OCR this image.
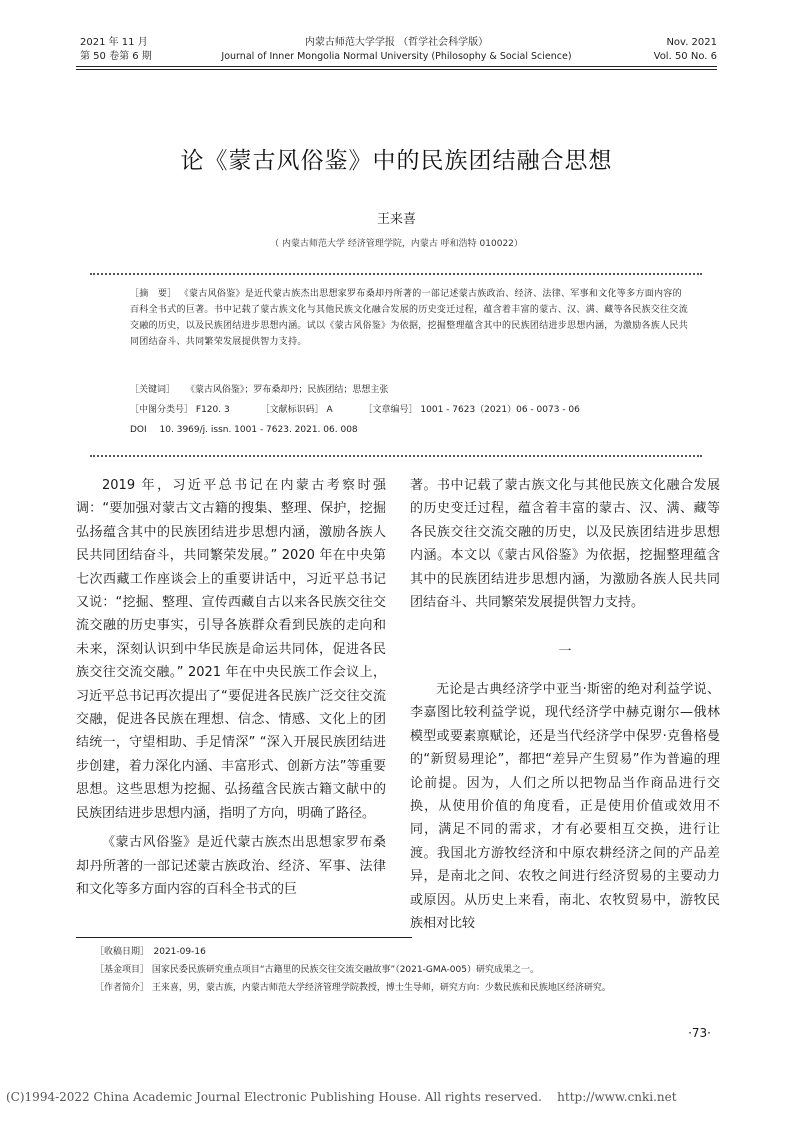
2021 年 11 月
第 50 卷第 6 期
内蒙古师范大学学报 （哲学社会科学版）
Journal of Inner Mongolia Normal University (Philosophy & Social Science)
Nov. 2021
Vol. 50 No. 6
论《蒙古风俗鉴》中的民族团结融合思想
王来喜
（ 内蒙古师范大学 经济管理学院，内蒙古 呼和浩特 010022）
［摘　要］ 《蒙古风俗鉴》是近代蒙古族杰出思想家罗布桑却丹所著的一部记述蒙古族政治、经济、法律、军事和文化等多方面内容的百科全书式的巨著。书中记载了蒙古族文化与其他民族文化融合发展的历史变迁过程，蕴含着丰富的蒙古、汉、满、藏等各民族交往交流交融的历史，以及民族团结进步思想内涵。试以《蒙古风俗鉴》为依据，挖掘整理蕴含其中的民族团结进步思想内涵，为激励各族人民共同团结奋斗、共同繁荣发展提供智力支持。
［关键词］ 《蒙古风俗鉴》；罗布桑却丹；民族团结；思想主张
［中图分类号］ F120. 3	［文献标识码］ A	［文章编号］ 1001 - 7623（2021）06 - 0073 - 06
DOI 10. 3969/j. issn. 1001 - 7623. 2021. 06. 008

2019 年，习近平总书记在内蒙古考察时强调：“要加强对蒙古文古籍的搜集、整理、保护，挖掘弘扬蕴含其中的民族团结进步思想内涵，激励各族人民共同团结奋斗，共同繁荣发展。” 2020 年在中央第七次西藏工作座谈会上的重要讲话中，习近平总书记又说：“挖掘、整理、宣传西藏自古以来各民族交往交流交融的历史事实，引导各族群众看到民族的走向和未来，深刻认识到中华民族是命运共同体，促进各民族交往交流交融。” 2021 年在中央民族工作会议上，习近平总书记再次提出了“要促进各民族广泛交往交流交融，促进各民族在理想、信念、情感、文化上的团结统一，守望相助、手足情深” “深入开展民族团结进步创建，着力深化内涵、丰富形式、创新方法”等重要思想。这些思想为挖掘、弘扬蕴含民族古籍文献中的民族团结进步思想内涵，指明了方向，明确了路径。

《蒙古风俗鉴》是近代蒙古族杰出思想家罗布桑却丹所著的一部记述蒙古族政治、经济、军事、法律和文化等多方面内容的百科全书式的巨

著。书中记载了蒙古族文化与其他民族文化融合发展的历史变迁过程，蕴含着丰富的蒙古、汉、满、藏等各民族交往交流交融的历史，以及民族团结进步思想内涵。本文以《蒙古风俗鉴》为依据，挖掘整理蕴含其中的民族团结进步思想内涵，为激励各族人民共同团结奋斗、共同繁荣发展提供智力支持。

一

无论是古典经济学中亚当·斯密的绝对利益学说、李嘉图比较利益学说，现代经济学中赫克谢尔—俄林模型或要素禀赋论，还是当代经济学中保罗·克鲁格曼的“新贸易理论”，都把“差异产生贸易”作为普遍的理论前提。因为，人们之所以把物品当作商品进行交换，从使用价值的角度看，正是使用价值或效用不同，满足不同的需求，才有必要相互交换，进行让渡。我国北方游牧经济和中原农耕经济之间的产品差异，是南北之间、农牧之间进行经济贸易的主要动力或原因。从历史上来看，南北、农牧贸易中，游牧民族相对比较

［收稿日期］　2021-09-16
［基金项目］ 国家民委民族研究重点项目“古籍里的民族交往交流交融故事”（2021-GMA-005）研究成果之一。
［作者简介］ 王来喜，男，蒙古族，内蒙古师范大学经济管理学院教授，博士生导师，研究方向：少数民族和民族地区经济研究。
·73·
(C)1994-2022 China Academic Journal Electronic Publishing House. All rights reserved.    http://www.cnki.net
